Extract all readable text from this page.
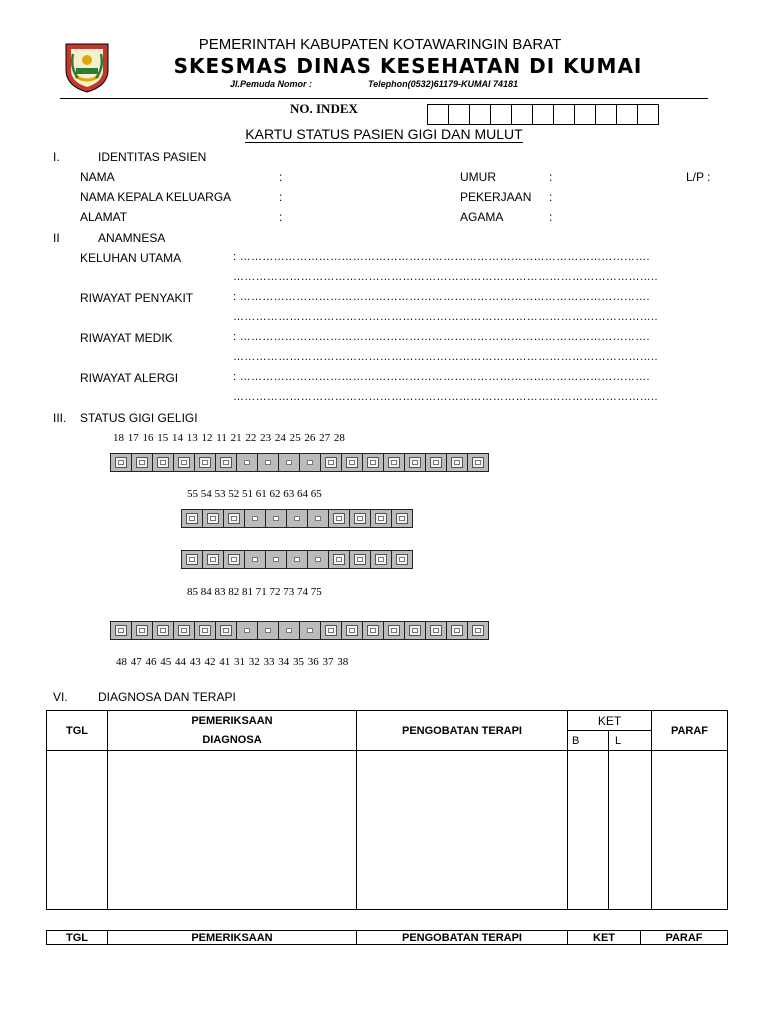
PEMERINTAH KABUPATEN KOTAWARINGIN BARAT
SKESMAS DINAS KESEHATAN DI KUMAI
Jl.Pemuda Nomor :	Telephon(0532)61179-KUMAI 74181
NO. INDEX
KARTU STATUS PASIEN GIGI DAN MULUT
I.	IDENTITAS PASIEN
NAMA	:	UMUR	:	L/P :
NAMA KEPALA KELUARGA	:	PEKERJAAN :
ALAMAT	:	AGAMA	:
II	ANAMNESA
KELUHAN UTAMA	: ……………………………………………………………………………………………….
…………………………………………………………………………………………………..
RIWAYAT PENYAKIT	: ……………………………………………………………………………………………….
…………………………………………………………………………………………………..
RIWAYAT MEDIK	: ……………………………………………………………………………………………….
…………………………………………………………………………………………………..
RIWAYAT ALERGI	: ……………………………………………………………………………………………….
…………………………………………………………………………………………………..
III. STATUS GIGI GELIGI
18 17 16 15 14 13 12 11 21 22 23 24 25 26 27 28
55 54 53 52 51 61 62 63 64 65
85 84 83 82 81 71 72 73 74 75
48 47 46 45 44 43 42 41 31 32 33 34 35 36 37 38
VI.	DIAGNOSA DAN TERAPI
TGL	PEMERIKSAAN	PENGOBATAN TERAPI	KET		PARAF
	DIAGNOSA		B	L	

TGL	PEMERIKSAAN	PENGOBATAN TERAPI	KET	PARAF
